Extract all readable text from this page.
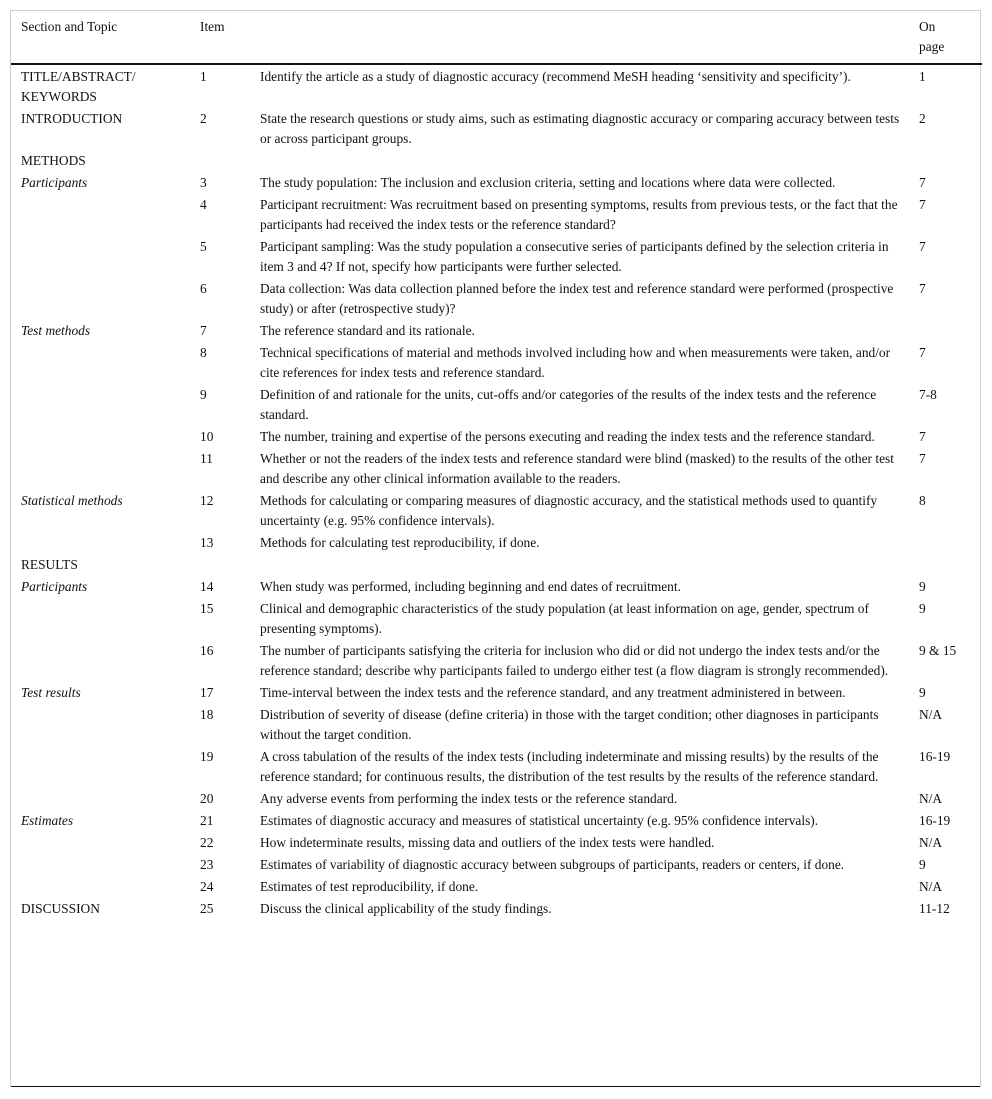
Section and Topic	Item		On
page
TITLE/ABSTRACT/ KEYWORDS	1	Identify the article as a study of diagnostic accuracy (recommend MeSH heading ‘sensitivity and specificity’).	1
INTRODUCTION	2	State the research questions or study aims, such as estimating diagnostic accuracy or comparing accuracy between tests or across participant groups.	2
METHODS			
Participants	3	The study population: The inclusion and exclusion criteria, setting and locations where data were collected.	7
	4	Participant recruitment: Was recruitment based on presenting symptoms, results from previous tests, or the fact that the participants had received the index tests or the reference standard?	7
	5	Participant sampling: Was the study population a consecutive series of participants defined by the selection criteria in item 3 and 4? If not, specify how participants were further selected.	7
	6	Data collection: Was data collection planned before the index test and reference standard were performed (prospective study) or after (retrospective study)?	7
Test methods	7	The reference standard and its rationale.	
	8	Technical specifications of material and methods involved including how and when measurements were taken, and/or cite references for index tests and reference standard.	7
	9	Definition of and rationale for the units, cut-offs and/or categories of the results of the index tests and the reference standard.	7-8
	10	The number, training and expertise of the persons executing and reading the index tests and the reference standard.	7
	11	Whether or not the readers of the index tests and reference standard were blind (masked) to the results of the other test and describe any other clinical information available to the readers.	7
Statistical methods	12	Methods for calculating or comparing measures of diagnostic accuracy, and the statistical methods used to quantify uncertainty (e.g. 95% confidence intervals).	8
	13	Methods for calculating test reproducibility, if done.	
RESULTS			
Participants	14	When study was performed, including beginning and end dates of recruitment.	9
	15	Clinical and demographic characteristics of the study population (at least information on age, gender, spectrum of presenting symptoms).	9
	16	The number of participants satisfying the criteria for inclusion who did or did not undergo the index tests and/or the reference standard; describe why participants failed to undergo either test (a flow diagram is strongly recommended).	9 & 15
Test results	17	Time-interval between the index tests and the reference standard, and any treatment administered in between.	9
	18	Distribution of severity of disease (define criteria) in those with the target condition; other diagnoses in participants without the target condition.	N/A
	19	A cross tabulation of the results of the index tests (including indeterminate and missing results) by the results of the reference standard; for continuous results, the distribution of the test results by the results of the reference standard.	16-19
	20	Any adverse events from performing the index tests or the reference standard.	N/A
Estimates	21	Estimates of diagnostic accuracy and measures of statistical uncertainty (e.g. 95% confidence intervals).	16-19
	22	How indeterminate results, missing data and outliers of the index tests were handled.	N/A
	23	Estimates of variability of diagnostic accuracy between subgroups of participants, readers or centers, if done.	9
	24	Estimates of test reproducibility, if done.	N/A
DISCUSSION	25	Discuss the clinical applicability of the study findings.	11-12
